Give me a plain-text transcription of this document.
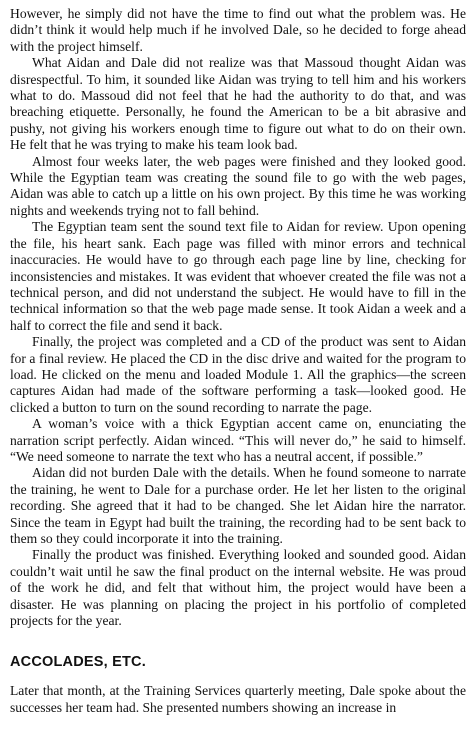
However, he simply did not have the time to find out what the problem was. He didn’t think it would help much if he involved Dale, so he decided to forge ahead with the project himself.

What Aidan and Dale did not realize was that Massoud thought Aidan was disrespectful. To him, it sounded like Aidan was trying to tell him and his workers what to do. Massoud did not feel that he had the authority to do that, and was breaching etiquette. Personally, he found the American to be a bit abrasive and pushy, not giving his workers enough time to figure out what to do on their own. He felt that he was trying to make his team look bad.

Almost four weeks later, the web pages were finished and they looked good. While the Egyptian team was creating the sound file to go with the web pages, Aidan was able to catch up a little on his own project. By this time he was working nights and weekends trying not to fall behind.

The Egyptian team sent the sound text file to Aidan for review. Upon opening the file, his heart sank. Each page was filled with minor errors and technical inaccuracies. He would have to go through each page line by line, checking for inconsistencies and mistakes. It was evident that whoever created the file was not a technical person, and did not understand the subject. He would have to fill in the technical information so that the web page made sense. It took Aidan a week and a half to correct the file and send it back.

Finally, the project was completed and a CD of the product was sent to Aidan for a final review. He placed the CD in the disc drive and waited for the program to load. He clicked on the menu and loaded Module 1. All the graphics—the screen captures Aidan had made of the software performing a task—looked good. He clicked a button to turn on the sound recording to narrate the page.

A woman’s voice with a thick Egyptian accent came on, enunciating the narration script perfectly. Aidan winced. “This will never do,” he said to himself. “We need someone to narrate the text who has a neutral accent, if possible.”

Aidan did not burden Dale with the details. When he found someone to narrate the training, he went to Dale for a purchase order. He let her listen to the original recording. She agreed that it had to be changed. She let Aidan hire the narrator. Since the team in Egypt had built the training, the recording had to be sent back to them so they could incorporate it into the training.

Finally the product was finished. Everything looked and sounded good. Aidan couldn’t wait until he saw the final product on the internal website. He was proud of the work he did, and felt that without him, the project would have been a disaster. He was planning on placing the project in his portfolio of completed projects for the year.

ACCOLADES, ETC.

Later that month, at the Training Services quarterly meeting, Dale spoke about the successes her team had. She presented numbers showing an increase in
